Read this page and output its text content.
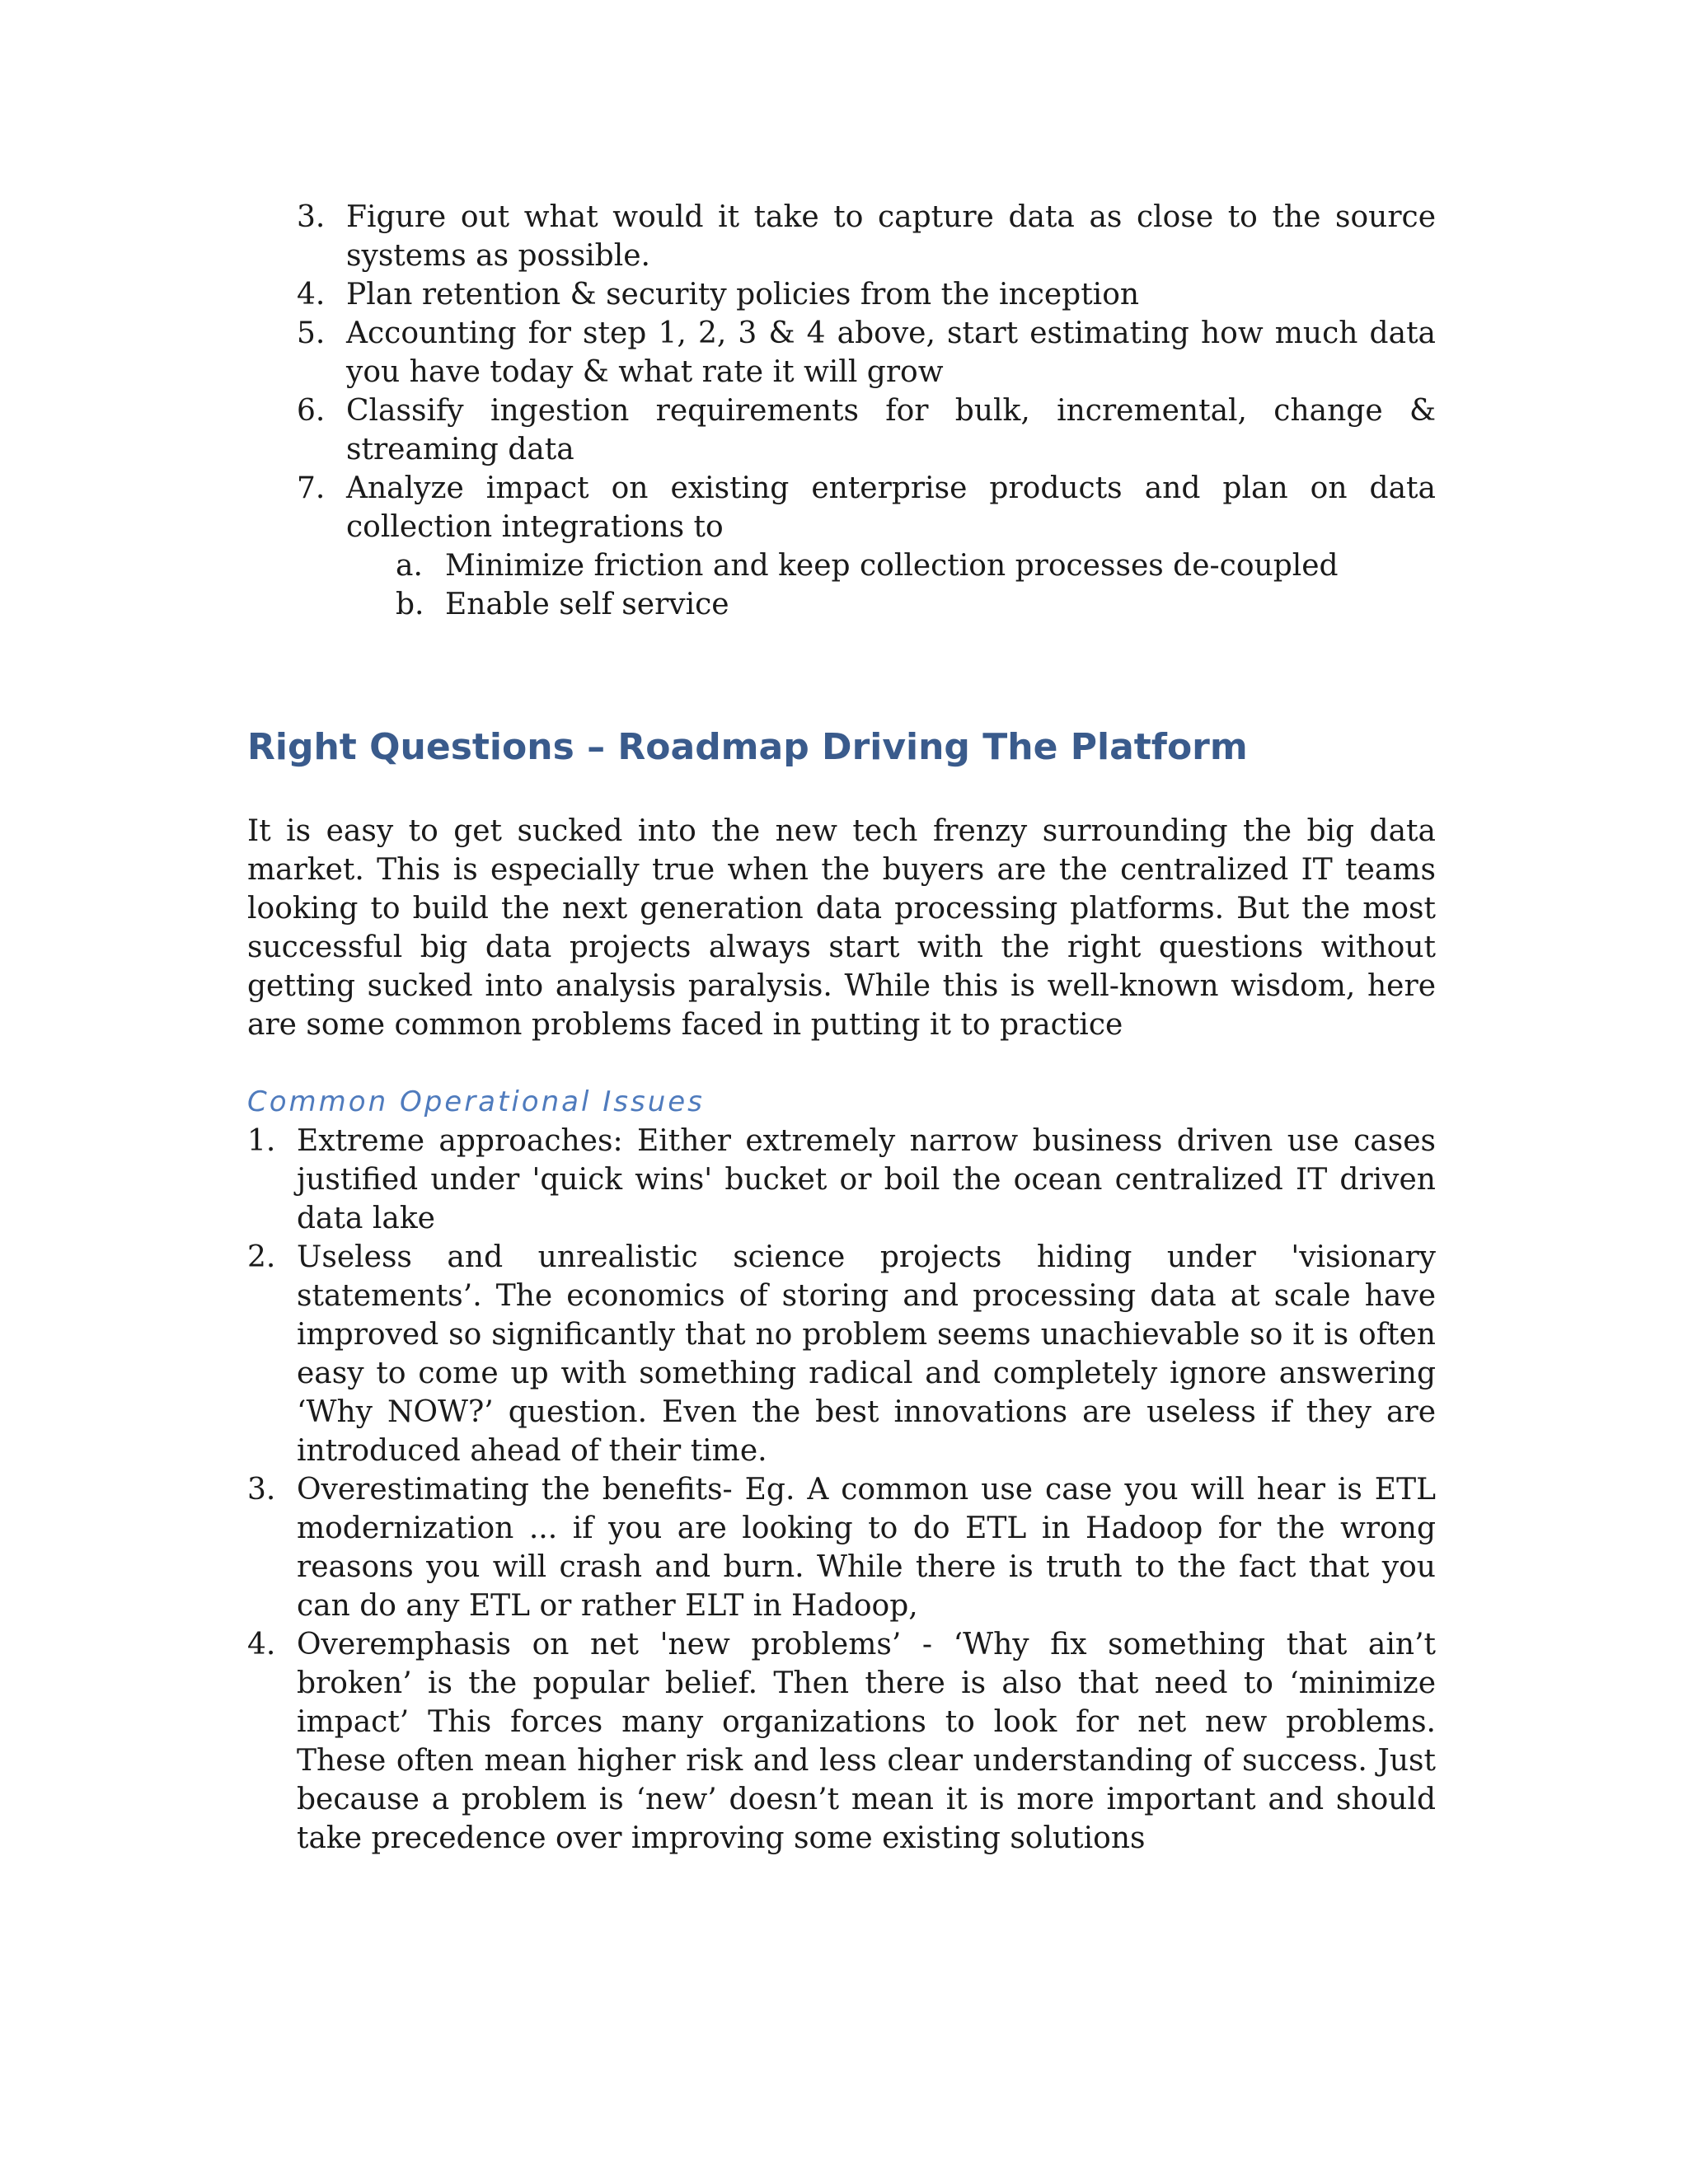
3. Figure out what would it take to capture data as close to the source systems as possible.
4. Plan retention & security policies from the inception
5. Accounting for step 1, 2, 3 & 4 above, start estimating how much data you have today & what rate it will grow
6. Classify ingestion requirements for bulk, incremental, change & streaming data
7. Analyze impact on existing enterprise products and plan on data collection integrations to
a. Minimize friction and keep collection processes de-coupled
b. Enable self service
Right Questions – Roadmap Driving The Platform

It is easy to get sucked into the new tech frenzy surrounding the big data market. This is especially true when the buyers are the centralized IT teams looking to build the next generation data processing platforms. But the most successful big data projects always start with the right questions without getting sucked into analysis paralysis. While this is well-known wisdom, here are some common problems faced in putting it to practice

Common Operational Issues
1. Extreme approaches: Either extremely narrow business driven use cases justified under 'quick wins' bucket or boil the ocean centralized IT driven data lake
2. Useless and unrealistic science projects hiding under 'visionary statements’. The economics of storing and processing data at scale have improved so significantly that no problem seems unachievable so it is often easy to come up with something radical and completely ignore answering ‘Why NOW?’ question. Even the best innovations are useless if they are introduced ahead of their time.
3. Overestimating the benefits- Eg. A common use case you will hear is ETL modernization ... if you are looking to do ETL in Hadoop for the wrong reasons you will crash and burn. While there is truth to the fact that you can do any ETL or rather ELT in Hadoop,
4. Overemphasis on net 'new problems’ - ‘Why fix something that ain’t broken’ is the popular belief. Then there is also that need to ‘minimize impact’ This forces many organizations to look for net new problems. These often mean higher risk and less clear understanding of success. Just because a problem is ‘new’ doesn’t mean it is more important and should take precedence over improving some existing solutions
